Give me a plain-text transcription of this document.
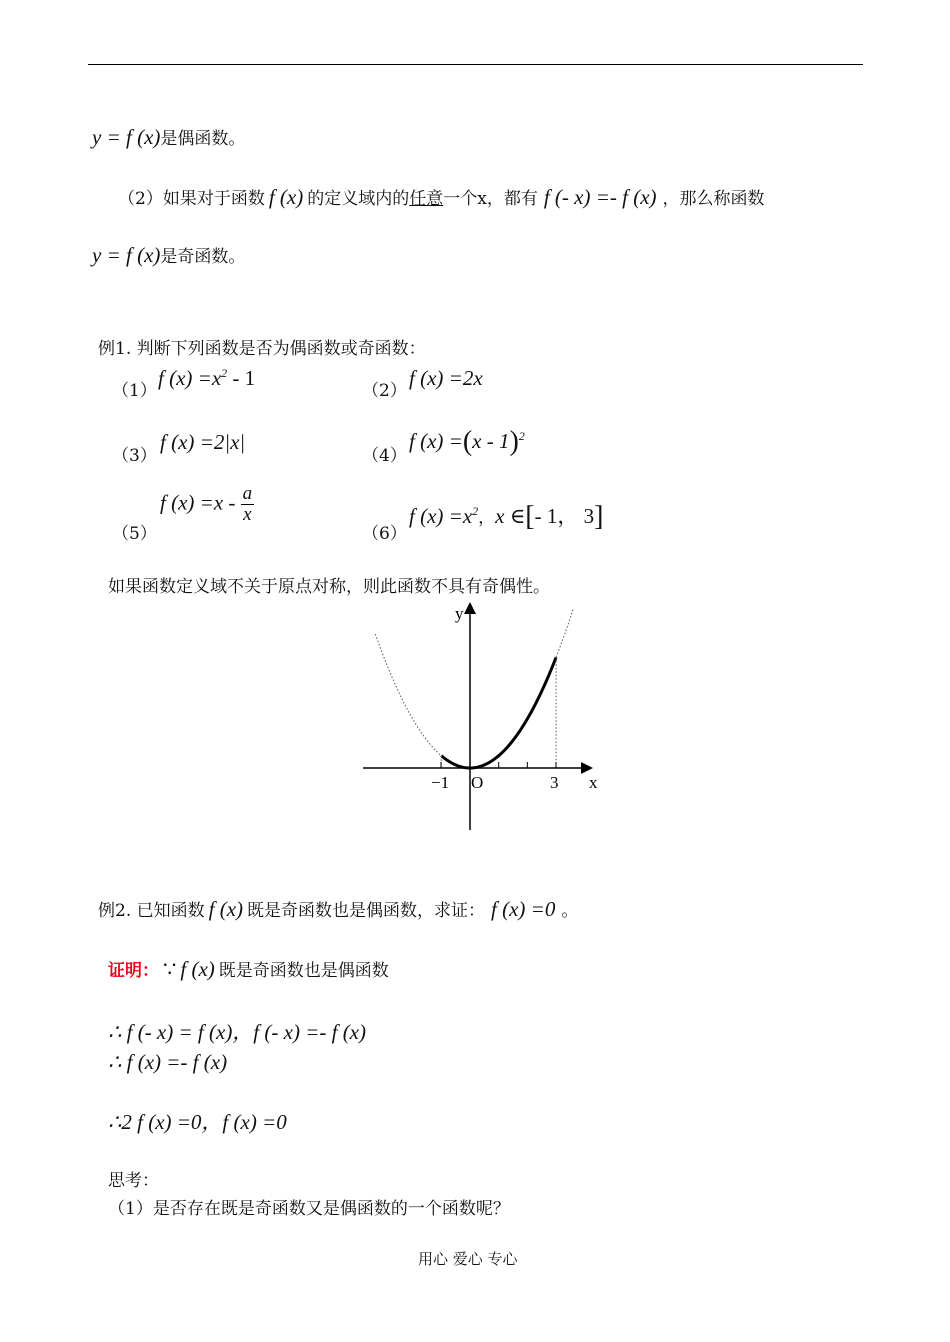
y = f (x)是偶函数。
（2）如果对于函数 f (x) 的定义域内的任意一个x，都有 f (- x) =- f (x) ，那么称函数
y = f (x)是奇函数。
例1. 判断下列函数是否为偶函数或奇函数：
（1）
f $(x) =x^2 - 1$
（2）
f (x) =2x
（3）
f (x) =2|x|
（4）
f (x) =(x - 1)$^2$
（5）
f $(x) =x - \frac{a}{x}$
（6）
f $(x) =x^2$，x ∈[- 1， 3]
如果函数定义域不关于原点对称，则此函数不具有奇偶性。
y
x
O
−1	3
例2. 已知函数 f (x) 既是奇函数也是偶函数，求证： f (x) =0 。
证明： ∵ f (x) 既是奇函数也是偶函数
∴ f (- x) = f (x)，f (- x) =- f (x)
∴ f (x) =- f (x)
∴2 f (x) =0，f (x) =0
思考：
（1）是否存在既是奇函数又是偶函数的一个函数呢？
用心 爱心 专心
